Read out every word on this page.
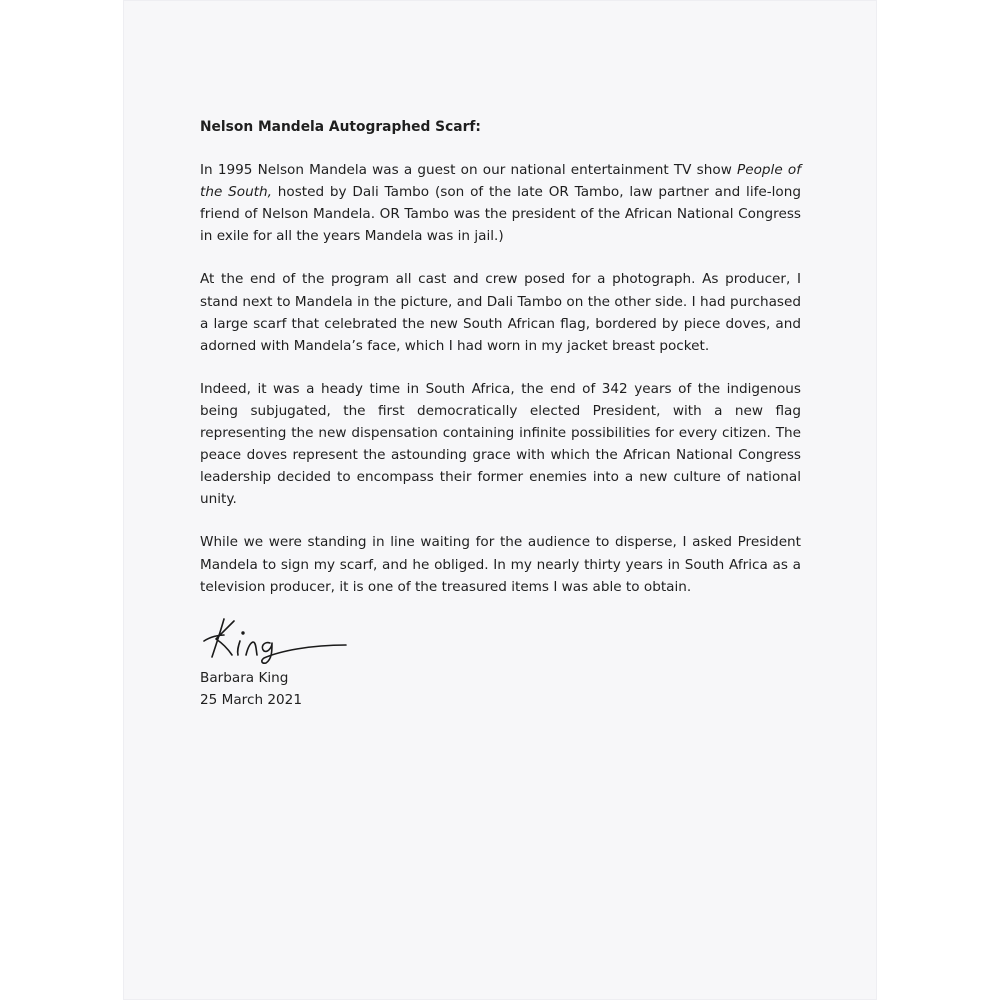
Nelson Mandela Autographed Scarf:

In 1995 Nelson Mandela was a guest on our national entertainment TV show People of the South, hosted by Dali Tambo (son of the late OR Tambo, law partner and life-long friend of Nelson Mandela. OR Tambo was the president of the African National Congress in exile for all the years Mandela was in jail.)

At the end of the program all cast and crew posed for a photograph. As producer, I stand next to Mandela in the picture, and Dali Tambo on the other side. I had purchased a large scarf that celebrated the new South African flag, bordered by piece doves, and adorned with Mandela’s face, which I had worn in my jacket breast pocket.

Indeed, it was a heady time in South Africa, the end of 342 years of the indigenous being subjugated, the first democratically elected President, with a new flag representing the new dispensation containing infinite possibilities for every citizen. The peace doves represent the astounding grace with which the African National Congress leadership decided to encompass their former enemies into a new culture of national unity.

While we were standing in line waiting for the audience to disperse, I asked President Mandela to sign my scarf, and he obliged. In my nearly thirty years in South Africa as a television producer, it is one of the treasured items I was able to obtain.

Barbara King
25 March 2021
